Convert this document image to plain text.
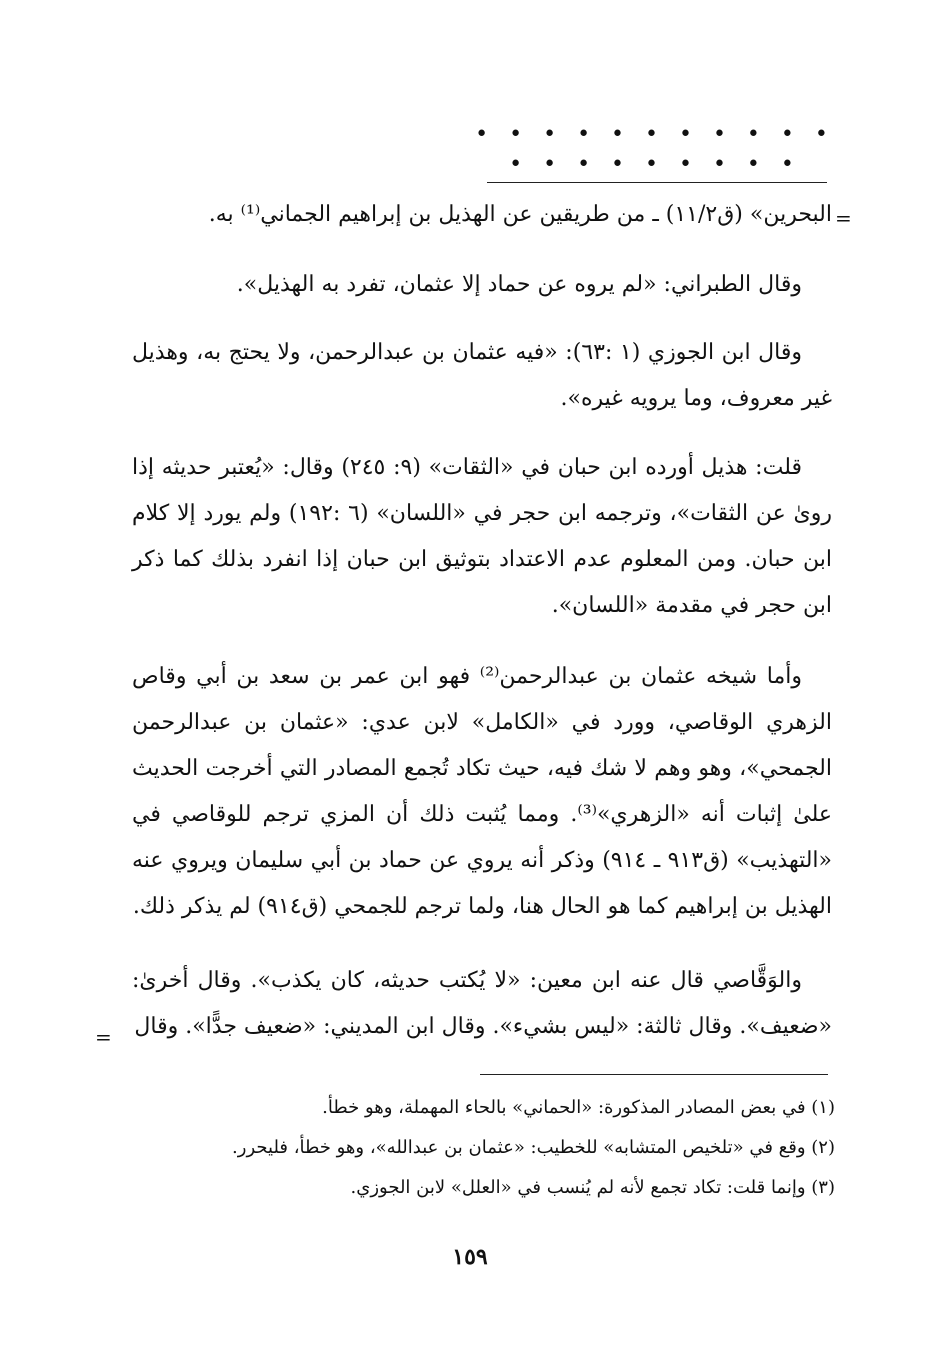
• • • • • • • • • • • • • • • • • • • •
=

البحرين» (ق١١/٢) ـ من طريقين عن الهذيل بن إبراهيم الجماني⁽¹⁾ به.

وقال الطبراني: «لم يروه عن حماد إلا عثمان، تفرد به الهذيل».

وقال ابن الجوزي (١ :٦٣): «فيه عثمان بن عبدالرحمن، ولا يحتج به، وهذيل غير معروف، وما يرويه غيره».

قلت: هذيل أورده ابن حبان في «الثقات» (٩: ٢٤٥) وقال: «يُعتبر حديثه إذا روىٰ عن الثقات»، وترجمه ابن حجر في «اللسان» (٦ :١٩٢) ولم يورد إلا كلام ابن حبان. ومن المعلوم عدم الاعتداد بتوثيق ابن حبان إذا انفرد بذلك كما ذكر ابن حجر في مقدمة «اللسان».

وأما شيخه عثمان بن عبدالرحمن⁽²⁾ فهو ابن عمر بن سعد بن أبي وقاص الزهري الوقاصي، وورد في «الكامل» لابن عدي: «عثمان بن عبدالرحمن الجمحي»، وهو وهم لا شك فيه، حيث تكاد تُجمع المصادر التي أخرجت الحديث علىٰ إثبات أنه «الزهري»⁽³⁾. ومما يُثبت ذلك أن المزي ترجم للوقاصي في «التهذيب» (ق٩١٣ ـ ٩١٤) وذكر أنه يروي عن حماد بن أبي سليمان ويروي عنه الهذيل بن إبراهيم كما هو الحال هنا، ولما ترجم للجمحي (ق٩١٤) لم يذكر ذلك.

والوَقَّاصي قال عنه ابن معين: «لا يُكتب حديثه، كان يكذب». وقال أخرىٰ: «ضعيف». وقال ثالثة: «ليس بشيء». وقال ابن المديني: «ضعيف جدًّا». وقال

=
(١) في بعض المصادر المذكورة: «الحماني» بالحاء المهملة، وهو خطأ.
(٢) وقع في «تلخيص المتشابه» للخطيب: «عثمان بن عبدالله»، وهو خطأ، فليحرر.
(٣) وإنما قلت: تكاد تجمع لأنه لم يُنسب في «العلل» لابن الجوزي.
١٥٩
